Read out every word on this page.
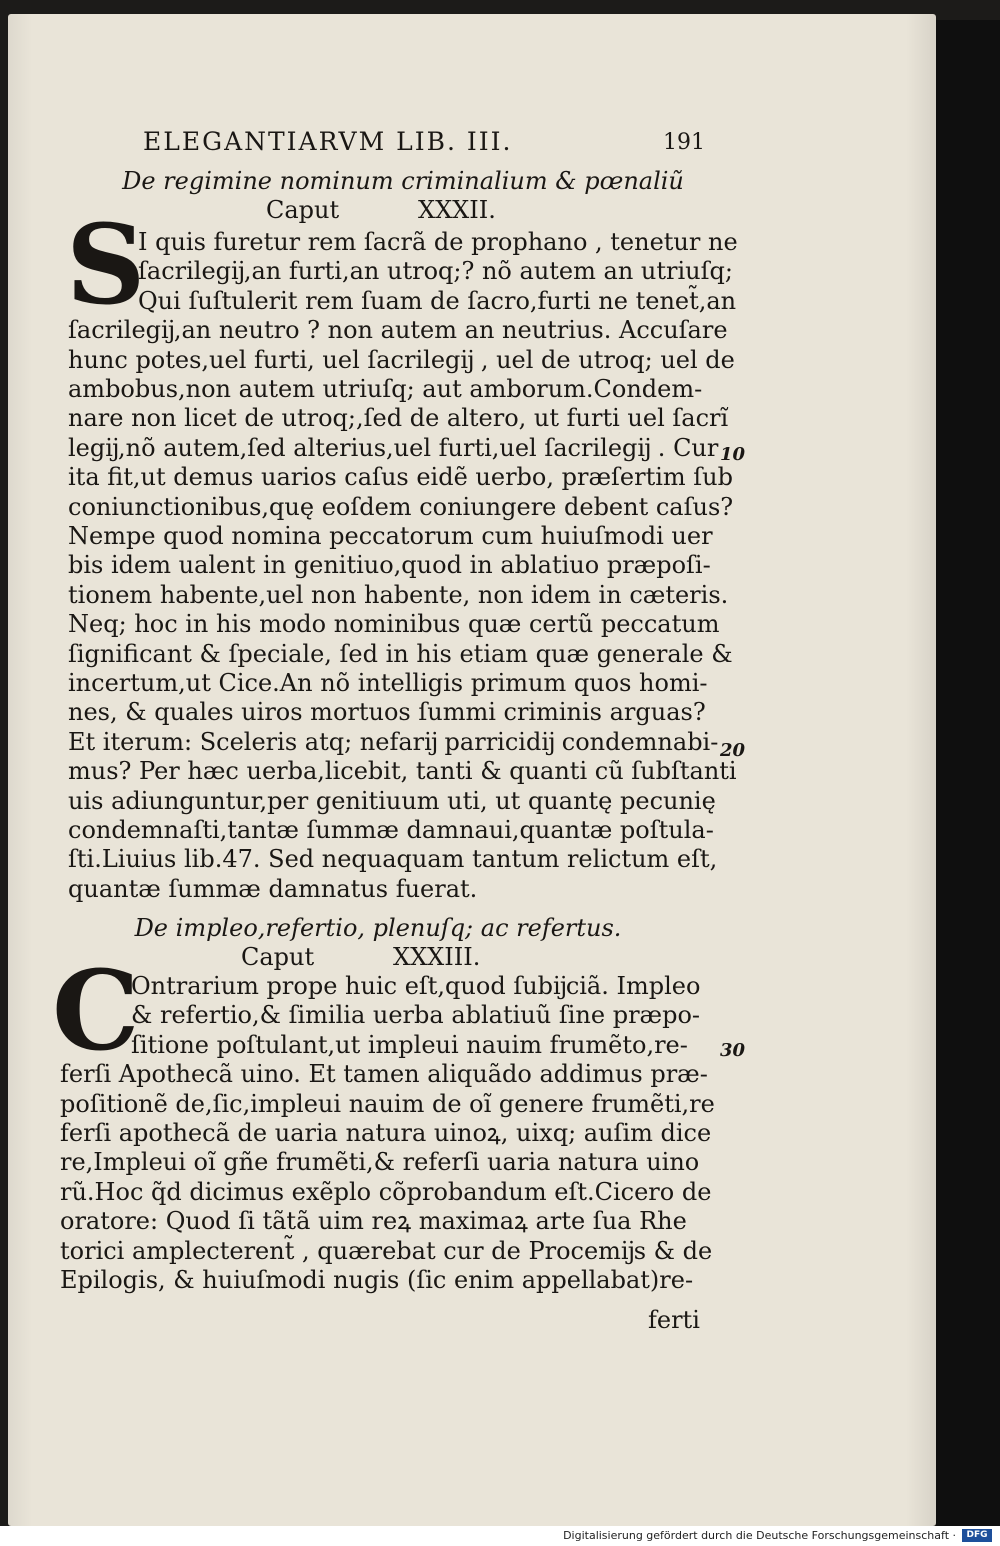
ELEGANTIARVM LIB. III.	191
De regimine nominum criminalium & pœnaliũ
Caput	XXXII.
S
I quis furetur rem ſacrã de prophano , tenetur ne
ſacrilegĳ,an furti,an utroq;? nõ autem an utriuſq;
Qui ſuſtulerit rem ſuam de ſacro,furti ne tenet̃,an
ſacrilegĳ,an neutro ? non autem an neutrius. Accuſare
hunc potes,uel furti, uel ſacrilegĳ , uel de utroq; uel de
ambobus,non autem utriuſq; aut amborum.Condem-
nare non licet de utroq;,ſed de altero, ut furti uel ſacrĩ
legĳ,nõ autem,ſed alterius,uel furti,uel ſacrilegĳ . Cur
ita fit,ut demus uarios caſus eidẽ uerbo, præſertim ſub
coniunctionibus,quę eoſdem coniungere debent caſus?
Nempe quod nomina peccatorum cum huiuſmodi uer
bis idem ualent in genitiuo,quod in ablatiuo præpoſi-
tionem habente,uel non habente, non idem in cæteris.
Neq; hoc in his modo nominibus quæ certũ peccatum
ſignificant & ſpeciale, ſed in his etiam quæ generale &
incertum,ut Cice.An nõ intelligis primum quos homi-
nes, & quales uiros mortuos ſummi criminis arguas?
Et iterum: Sceleris atq; nefarĳ parricidĳ condemnabi-
mus? Per hæc uerba,licebit, tanti & quanti cũ ſubſtanti
uis adiunguntur,per genitiuum uti, ut quantę pecunię
condemnaſti,tantæ ſummæ damnaui,quantæ poſtula-
ſti.Liuius lib.47. Sed nequaquam tantum relictum eſt,
quantæ ſummæ damnatus fuerat.
De impleo,refertio, plenuſq; ac refertus.
Caput	XXXIII.
C
Ontrarium prope huic eſt,quod ſubĳciã. Impleo
& refertio,& ſimilia uerba ablatiuũ ſine præpo-
ſitione poſtulant,ut impleui nauim frumẽto,re-
ferſi Apothecã uino. Et tamen aliquãdo addimus præ-
poſitionẽ de,ſic,impleui nauim de oĩ genere frumẽti,re
ferſi apothecã de uaria natura uinoꝝ, uixq; auſim dice
re,Impleui oĩ gñe frumẽti,& referſi uaria natura uino
rũ.Hoc q̃d dicimus exẽplo cõprobandum eſt.Cicero de
oratore: Quod ſi tãtã uim reꝝ maximaꝝ arte ſua Rhe
torici amplecterent̃ , quærebat cur de Procemĳs & de
Epilogis, & huiuſmodi nugis (ſic enim appellabat)re-
ferti
10
20
30
Digitalisierung gefördert durch die Deutsche Forschungsgemeinschaft ·	DFG
